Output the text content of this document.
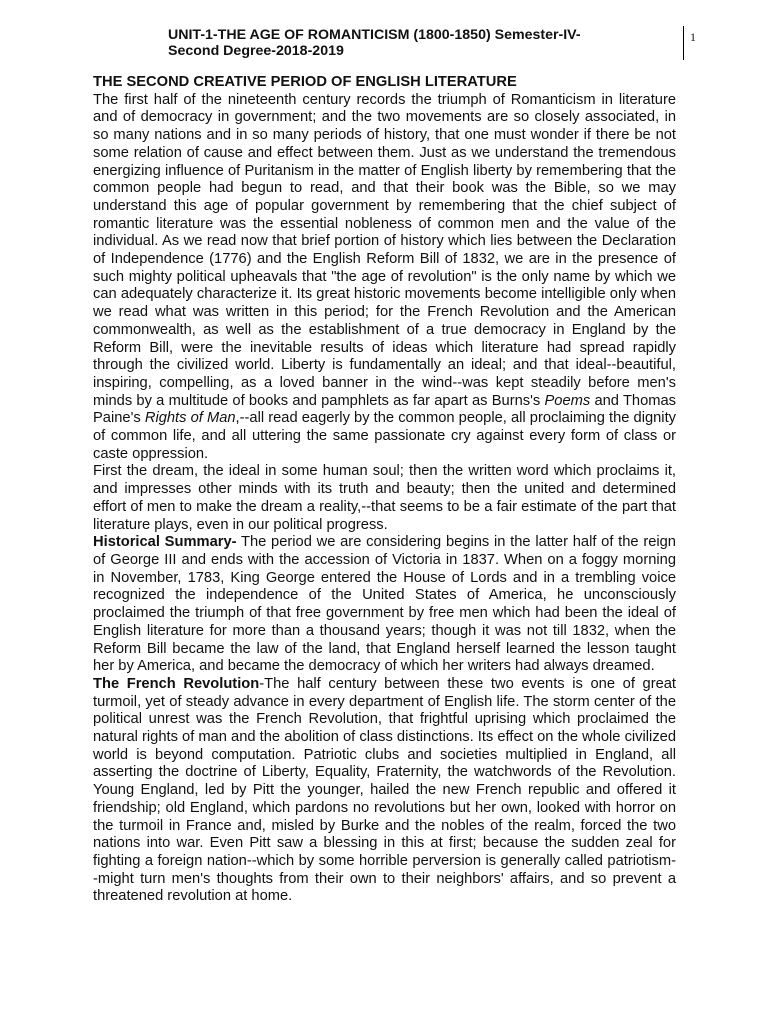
UNIT-1-THE AGE OF ROMANTICISM (1800-1850) Semester-IV-
Second Degree-2018-2019
1

THE SECOND CREATIVE PERIOD OF ENGLISH LITERATURE

The first half of the nineteenth century records the triumph of Romanticism in literature and of democracy in government; and the two movements are so closely associated, in so many nations and in so many periods of history, that one must wonder if there be not some relation of cause and effect between them. Just as we understand the tremendous energizing influence of Puritanism in the matter of English liberty by remembering that the common people had begun to read, and that their book was the Bible, so we may understand this age of popular government by remembering that the chief subject of romantic literature was the essential nobleness of common men and the value of the individual. As we read now that brief portion of history which lies between the Declaration of Independence (1776) and the English Reform Bill of 1832, we are in the presence of such mighty political upheavals that "the age of revolution" is the only name by which we can adequately characterize it. Its great historic movements become intelligible only when we read what was written in this period; for the French Revolution and the American commonwealth, as well as the establishment of a true democracy in England by the Reform Bill, were the inevitable results of ideas which literature had spread rapidly through the civilized world. Liberty is fundamentally an ideal; and that ideal--beautiful, inspiring, compelling, as a loved banner in the wind--was kept steadily before men's minds by a multitude of books and pamphlets as far apart as Burns's Poems and Thomas Paine's Rights of Man,--all read eagerly by the common people, all proclaiming the dignity of common life, and all uttering the same passionate cry against every form of class or caste oppression.

First the dream, the ideal in some human soul; then the written word which proclaims it, and impresses other minds with its truth and beauty; then the united and determined effort of men to make the dream a reality,--that seems to be a fair estimate of the part that literature plays, even in our political progress.

Historical Summary- The period we are considering begins in the latter half of the reign of George III and ends with the accession of Victoria in 1837. When on a foggy morning in November, 1783, King George entered the House of Lords and in a trembling voice recognized the independence of the United States of America, he unconsciously proclaimed the triumph of that free government by free men which had been the ideal of English literature for more than a thousand years; though it was not till 1832, when the Reform Bill became the law of the land, that England herself learned the lesson taught her by America, and became the democracy of which her writers had always dreamed.

The French Revolution-The half century between these two events is one of great turmoil, yet of steady advance in every department of English life. The storm center of the political unrest was the French Revolution, that frightful uprising which proclaimed the natural rights of man and the abolition of class distinctions. Its effect on the whole civilized world is beyond computation. Patriotic clubs and societies multiplied in England, all asserting the doctrine of Liberty, Equality, Fraternity, the watchwords of the Revolution. Young England, led by Pitt the younger, hailed the new French republic and offered it friendship; old England, which pardons no revolutions but her own, looked with horror on the turmoil in France and, misled by Burke and the nobles of the realm, forced the two nations into war. Even Pitt saw a blessing in this at first; because the sudden zeal for fighting a foreign nation--which by some horrible perversion is generally called patriotism--might turn men's thoughts from their own to their neighbors' affairs, and so prevent a threatened revolution at home.
